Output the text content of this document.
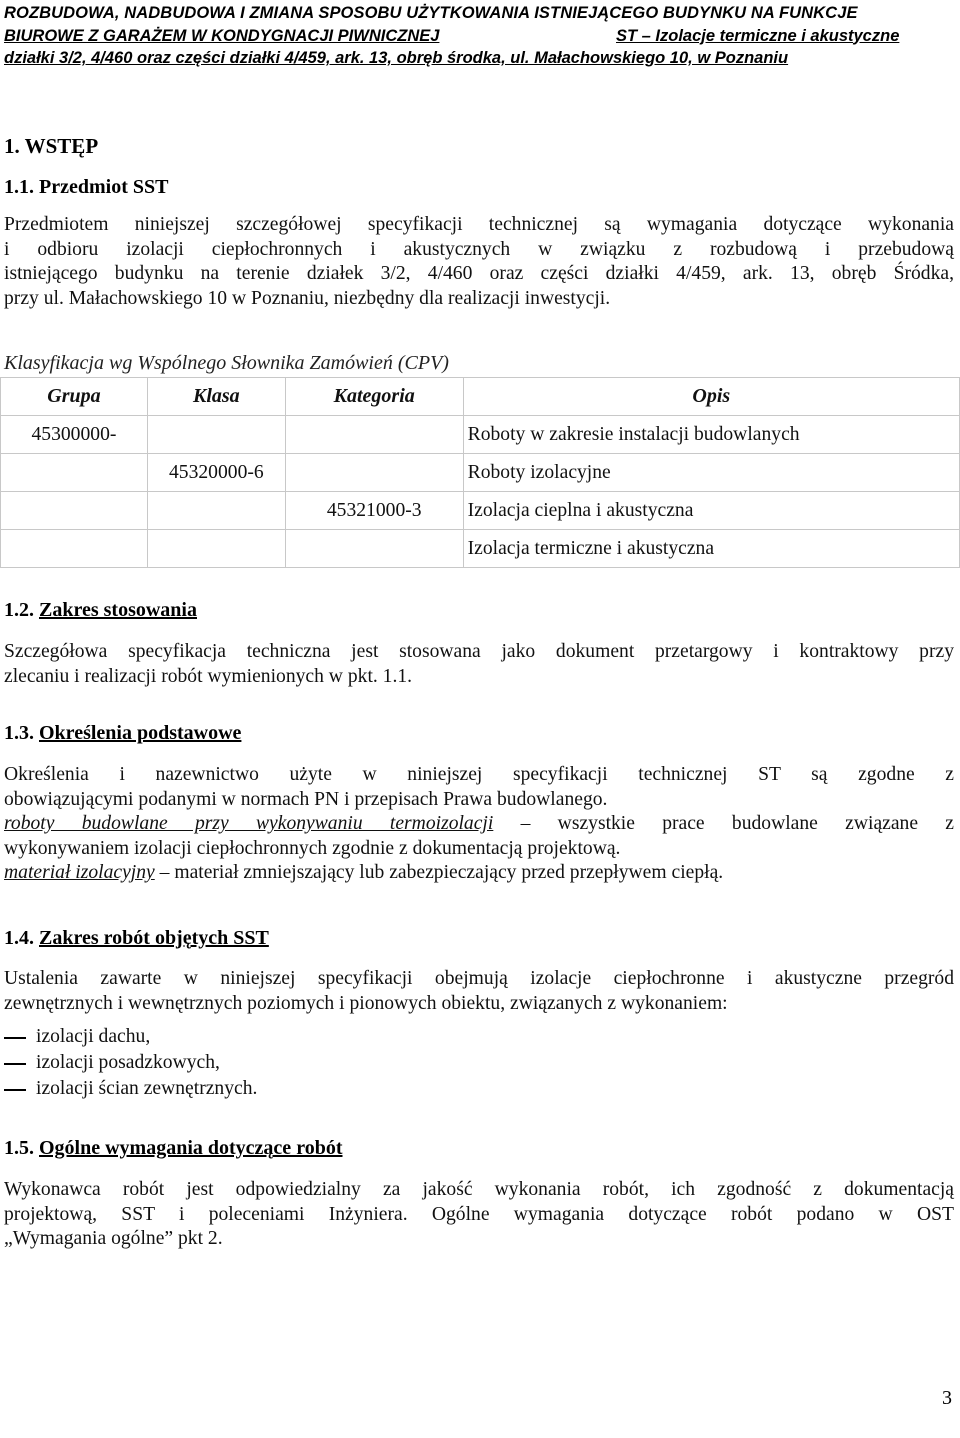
ROZBUDOWA, NADBUDOWA I ZMIANA SPOSOBU UŻYTKOWANIA ISTNIEJĄCEGO BUDYNKU NA FUNKCJE
BIUROWE Z GARAŻEM W KONDYGNACJI PIWNICZNEJ	ST – Izolacje termiczne i akustyczne
działki 3/2, 4/460 oraz części działki 4/459, ark. 13, obręb środka, ul. Małachowskiego 10, w Poznaniu
1. WSTĘP
1.1. Przedmiot SST
Przedmiotem niniejszej szczegółowej specyfikacji technicznej są wymagania dotyczące wykonania
i odbioru izolacji ciepłochronnych i akustycznych w związku z rozbudową i przebudową
istniejącego budynku na terenie działek 3/2, 4/460 oraz części działki 4/459, ark. 13, obręb Śródka,
przy ul. Małachowskiego 10 w Poznaniu, niezbędny dla realizacji inwestycji.
Klasyfikacja wg Wspólnego Słownika Zamówień (CPV)
Grupa	Klasa	Kategoria	Opis
45300000-			Roboty w zakresie instalacji budowlanych
	45320000-6		Roboty izolacyjne
		45321000-3	Izolacja cieplna i akustyczna
			Izolacja termiczne i akustyczna
1.2. Zakres stosowania
Szczegółowa specyfikacja techniczna jest stosowana jako dokument przetargowy i kontraktowy przy
zlecaniu i realizacji robót wymienionych w pkt. 1.1.
1.3. Określenia podstawowe
Określenia i nazewnictwo użyte w niniejszej specyfikacji technicznej ST są zgodne z
obowiązującymi podanymi w normach PN i przepisach Prawa budowlanego.
roboty budowlane przy wykonywaniu termoizolacji – wszystkie prace budowlane związane z
wykonywaniem izolacji ciepłochronnych zgodnie z dokumentacją projektową.
materiał izolacyjny – materiał zmniejszający lub zabezpieczający przed przepływem ciepłą.
1.4. Zakres robót objętych SST
Ustalenia zawarte w niniejszej specyfikacji obejmują izolacje ciepłochronne i akustyczne przegród
zewnętrznych i wewnętrznych poziomych i pionowych obiektu, związanych z wykonaniem:
izolacji dachu,
izolacji posadzkowych,
izolacji ścian zewnętrznych.
1.5. Ogólne wymagania dotyczące robót
Wykonawca robót jest odpowiedzialny za jakość wykonania robót, ich zgodność z dokumentacją
projektową, SST i poleceniami Inżyniera. Ogólne wymagania dotyczące robót podano w OST
„Wymagania ogólne” pkt 2.
3
